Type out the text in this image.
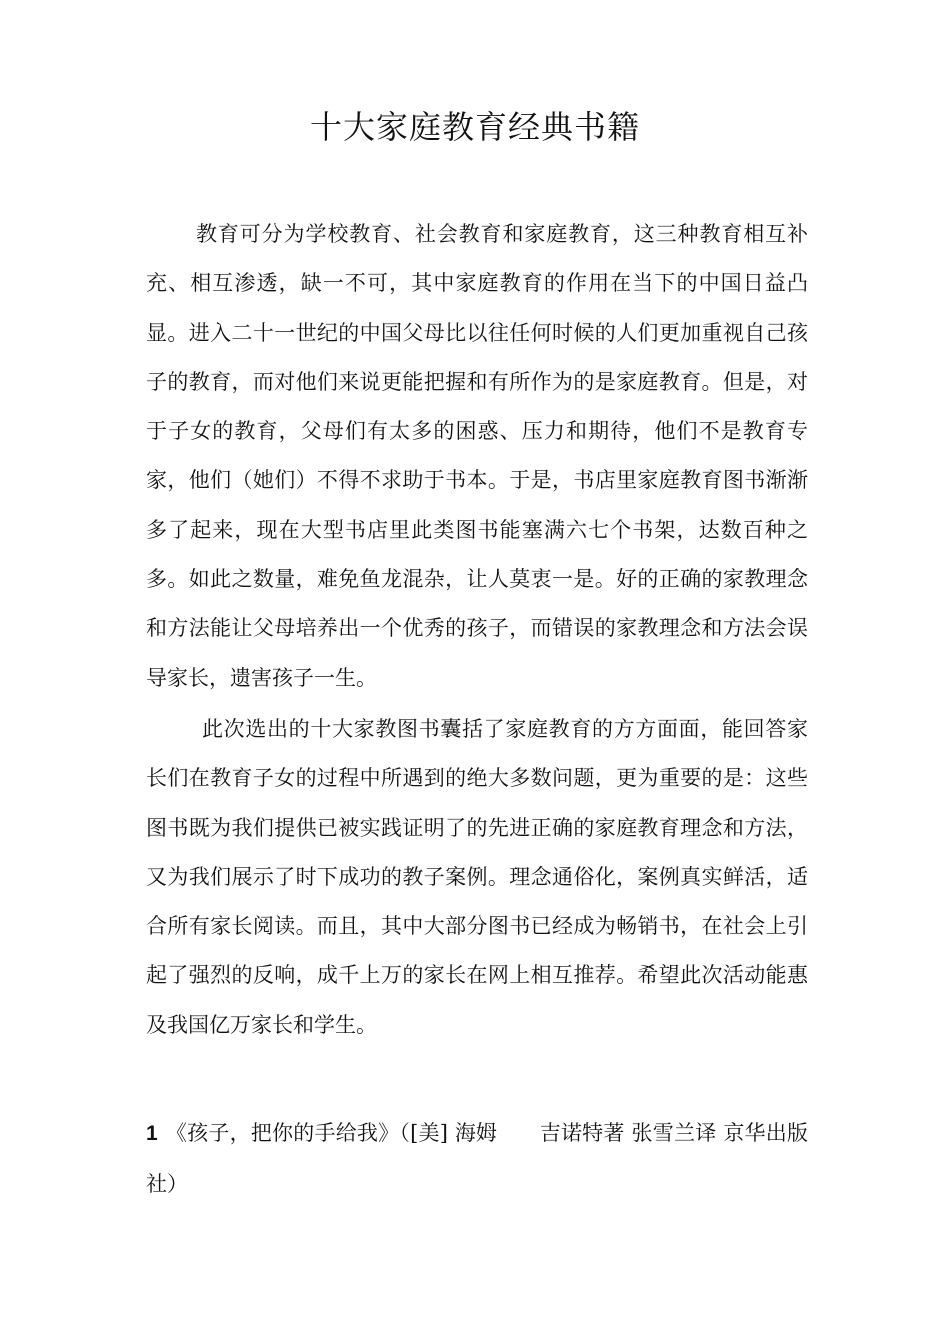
十大家庭教育经典书籍

教育可分为学校教育、社会教育和家庭教育，这三种教育相互补充、相互渗透，缺一不可，其中家庭教育的作用在当下的中国日益凸显。进入二十一世纪的中国父母比以往任何时候的人们更加重视自己孩子的教育，而对他们来说更能把握和有所作为的是家庭教育。但是，对于子女的教育，父母们有太多的困惑、压力和期待，他们不是教育专家，他们（她们）不得不求助于书本。于是，书店里家庭教育图书渐渐多了起来，现在大型书店里此类图书能塞满六七个书架，达数百种之多。如此之数量，难免鱼龙混杂，让人莫衷一是。好的正确的家教理念和方法能让父母培养出一个优秀的孩子，而错误的家教理念和方法会误导家长，遗害孩子一生。

此次选出的十大家教图书囊括了家庭教育的方方面面，能回答家长们在教育子女的过程中所遇到的绝大多数问题，更为重要的是：这些图书既为我们提供已被实践证明了的先进正确的家庭教育理念和方法，又为我们展示了时下成功的教子案例。理念通俗化，案例真实鲜活，适合所有家长阅读。而且，其中大部分图书已经成为畅销书，在社会上引起了强烈的反响，成千上万的家长在网上相互推荐。希望此次活动能惠及我国亿万家长和学生。

1 《孩子，把你的手给我》（[美] 海姆　　吉诺特著 张雪兰译 京华出版社）
